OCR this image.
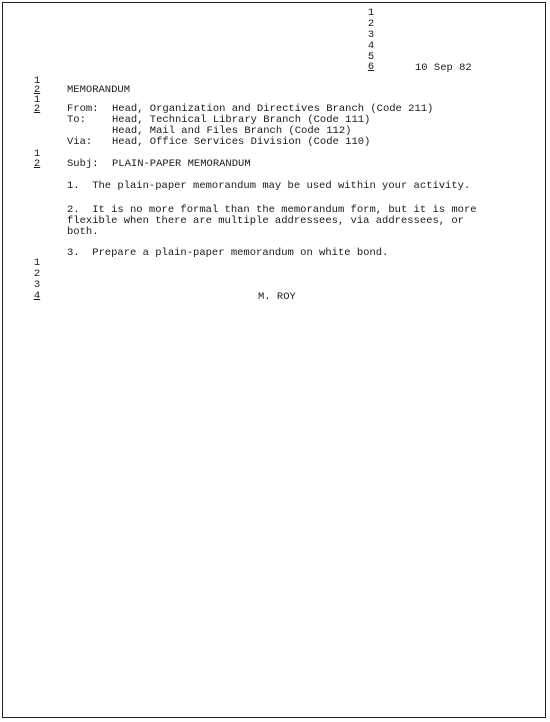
1
2
3
4
5
6	10 Sep 82
1
2	MEMORANDUM
1
2	From: Head, Organization and Directives Branch (Code 211)
To: Head, Technical Library Branch (Code 111)
Head, Mail and Files Branch (Code 112)
Via: Head, Office Services Division (Code 110)
1
2	Subj: PLAIN-PAPER MEMORANDUM
1.  The plain-paper memorandum may be used within your activity.
2.  It is no more formal than the memorandum form, but it is more
flexible when there are multiple addressees, via addressees, or
both.
3.  Prepare a plain-paper memorandum on white bond.
1
2
3
4	M. ROY
